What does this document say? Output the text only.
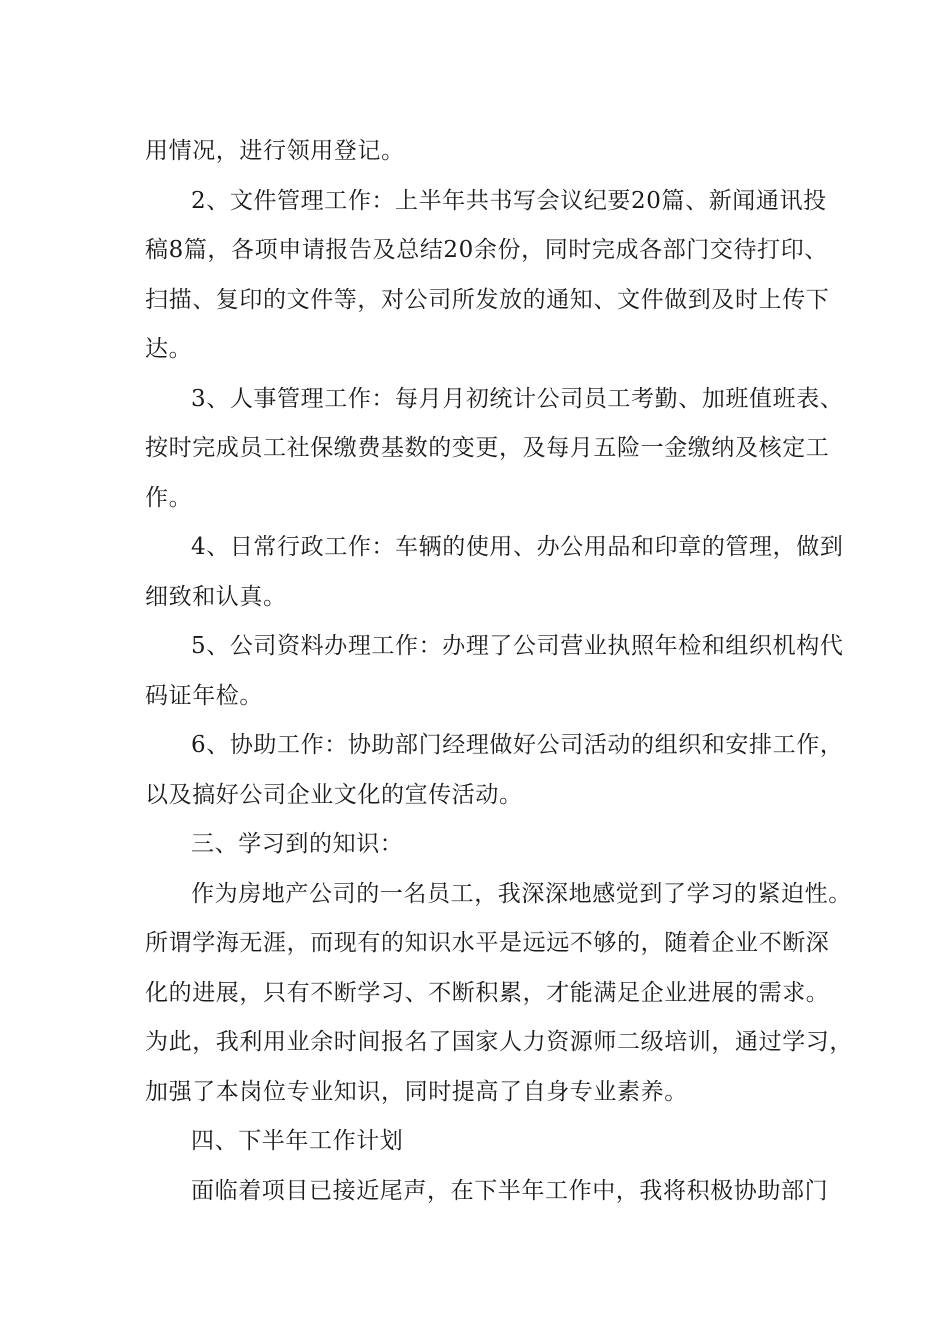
用情况，进行领用登记。

2、文件管理工作：上半年共书写会议纪要20篇、新闻通讯投
稿8篇，各项申请报告及总结20余份，同时完成各部门交待打印、
扫描、复印的文件等，对公司所发放的通知、文件做到及时上传下
达。

3、人事管理工作：每月月初统计公司员工考勤、加班值班表、
按时完成员工社保缴费基数的变更，及每月五险一金缴纳及核定工
作。

4、日常行政工作：车辆的使用、办公用品和印章的管理，做到
细致和认真。

5、公司资料办理工作：办理了公司营业执照年检和组织机构代
码证年检。

6、协助工作：协助部门经理做好公司活动的组织和安排工作，
以及搞好公司企业文化的宣传活动。

三、学习到的知识：

作为房地产公司的一名员工，我深深地感觉到了学习的紧迫性。
所谓学海无涯，而现有的知识水平是远远不够的，随着企业不断深
化的进展，只有不断学习、不断积累，才能满足企业进展的需求。
为此，我利用业余时间报名了国家人力资源师二级培训，通过学习，
加强了本岗位专业知识，同时提高了自身专业素养。

四、下半年工作计划

面临着项目已接近尾声，在下半年工作中，我将积极协助部门
